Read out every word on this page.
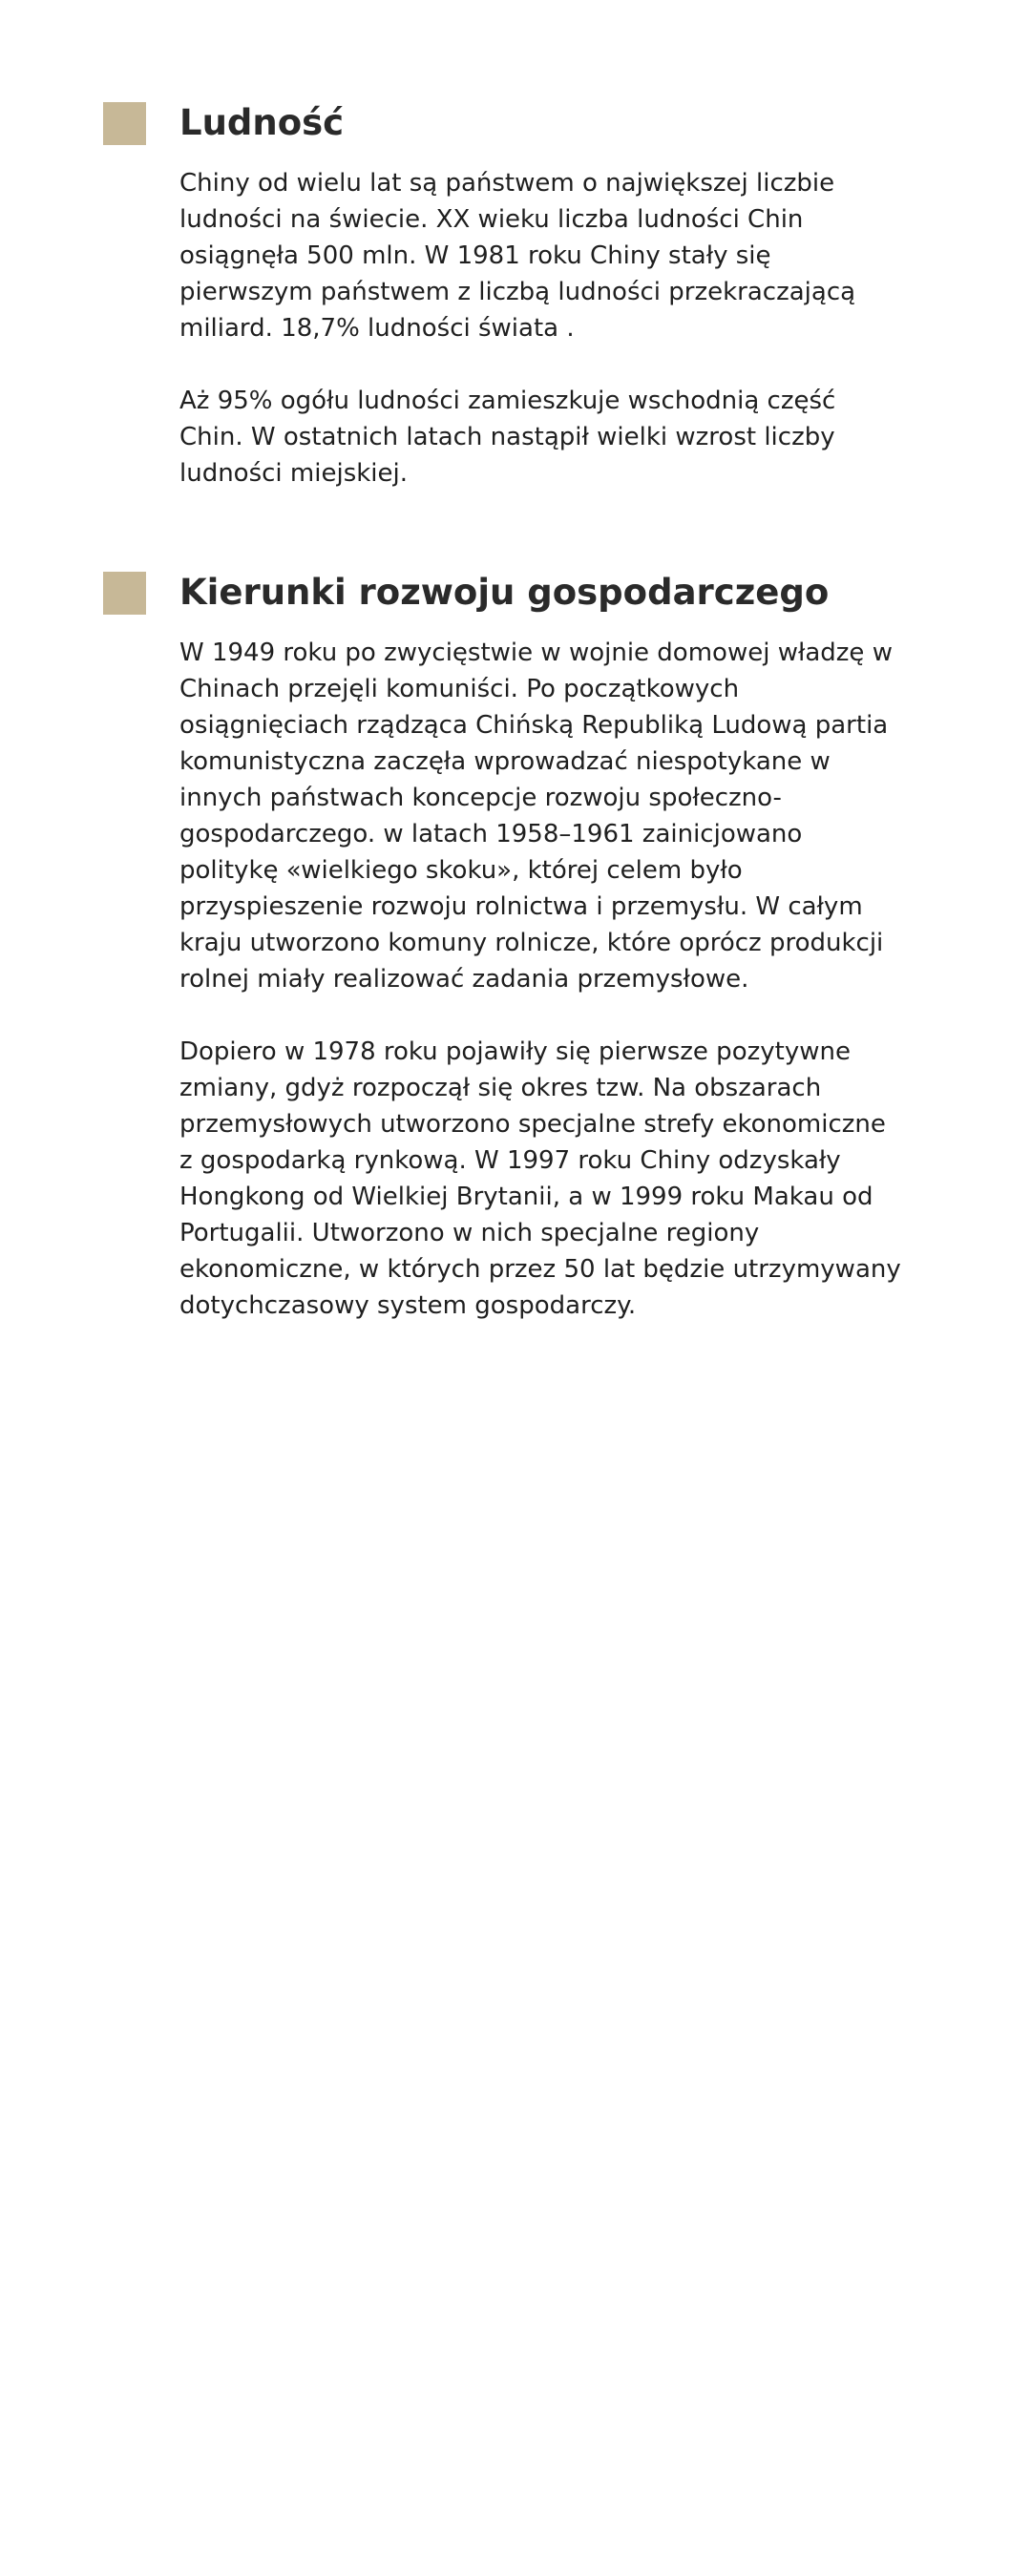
Ludność

Chiny od wielu lat są państwem o największej liczbie ludności na świecie. XX wieku liczba ludności Chin osiągnęła 500 mln. W 1981 roku Chiny stały się pierwszym państwem z liczbą ludności przekraczającą miliard. 18,7% ludności świata .

Aż 95% ogółu ludności zamieszkuje wschodnią część Chin. W ostatnich latach nastąpił wielki wzrost liczby ludności miejskiej.

Kierunki rozwoju gospodarczego

W 1949 roku po zwycięstwie w wojnie domowej władzę w Chinach przejęli komuniści. Po początkowych osiągnięciach rządząca Chińską Republiką Ludową partia komunistyczna zaczęła wprowadzać niespotykane w innych państwach koncepcje rozwoju społeczno-gospodarczego. w latach 1958–1961 zainicjowano politykę «wielkiego skoku», której celem było przyspieszenie rozwoju rolnictwa i przemysłu. W całym kraju utworzono komuny rolnicze, które oprócz produkcji rolnej miały realizować zadania przemysłowe.

Dopiero w 1978 roku pojawiły się pierwsze pozytywne zmiany, gdyż rozpoczął się okres tzw. Na obszarach przemysłowych utworzono specjalne strefy ekonomiczne z gospodarką rynkową. W 1997 roku Chiny odzyskały Hongkong od Wielkiej Brytanii, a w 1999 roku Makau od Portugalii. Utworzono w nich specjalne regiony ekonomiczne, w których przez 50 lat będzie utrzymywany dotychczasowy system gospodarczy.
